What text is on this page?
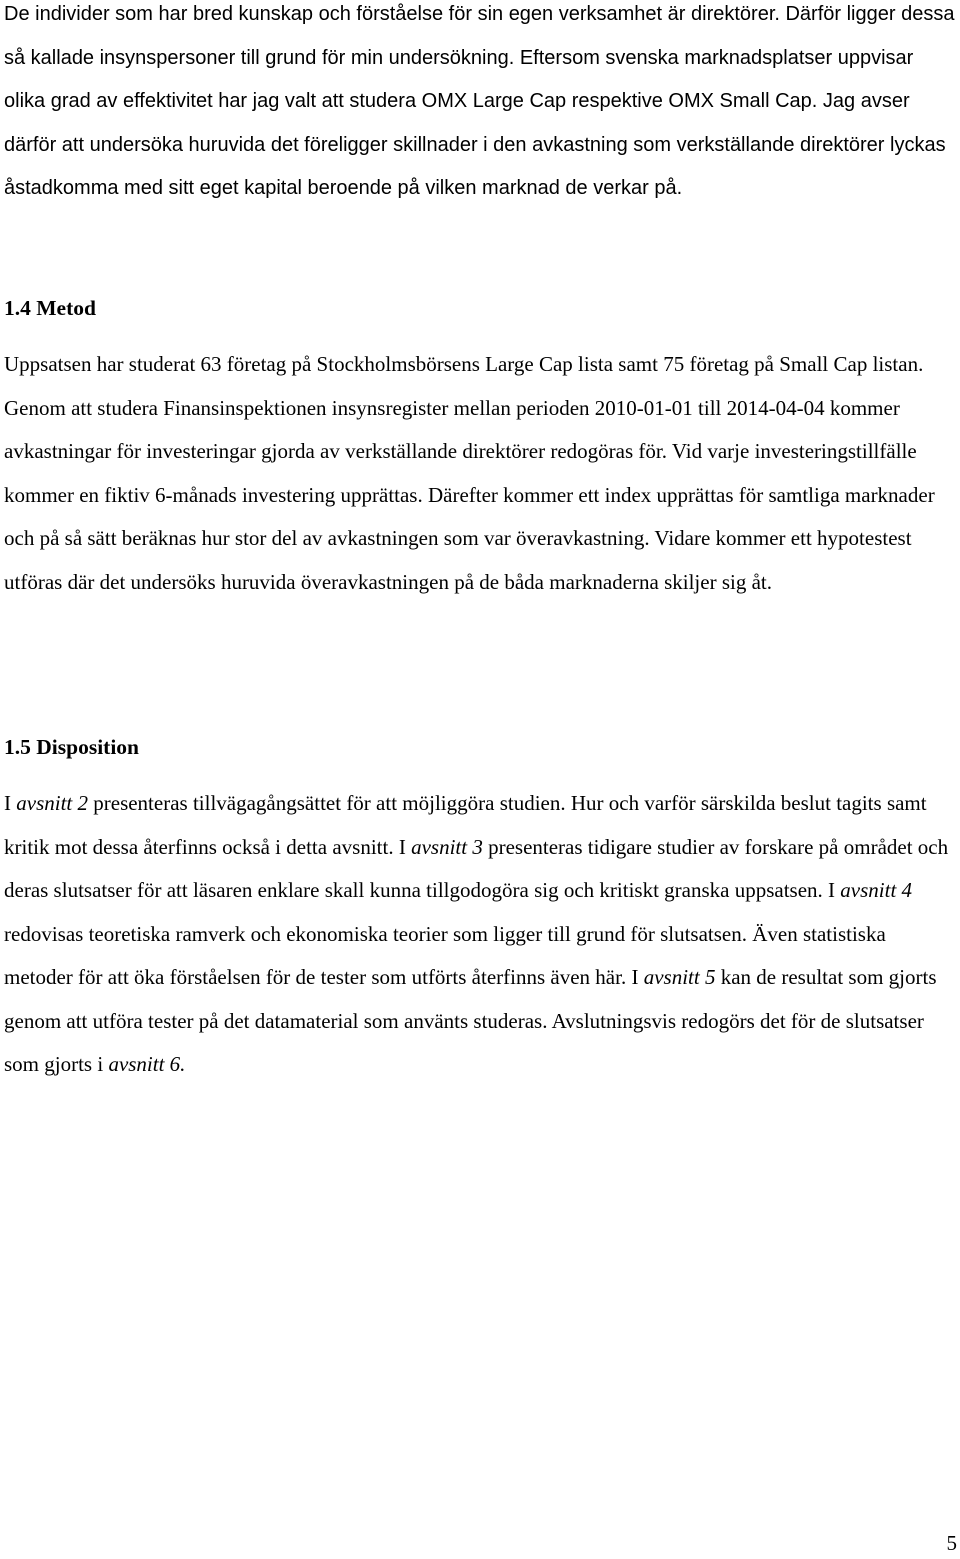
De individer som har bred kunskap och förståelse för sin egen verksamhet är direktörer. Därför ligger dessa så kallade insynspersoner till grund för min undersökning. Eftersom svenska marknadsplatser uppvisar olika grad av effektivitet har jag valt att studera OMX Large Cap respektive OMX Small Cap. Jag avser därför att undersöka huruvida det föreligger skillnader i den avkastning som verkställande direktörer lyckas åstadkomma med sitt eget kapital beroende på vilken marknad de verkar på.

1.4 Metod

Uppsatsen har studerat 63 företag på Stockholmsbörsens Large Cap lista samt 75 företag på Small Cap listan. Genom att studera Finansinspektionen insynsregister mellan perioden 2010-01-01 till 2014-04-04 kommer avkastningar för investeringar gjorda av verkställande direktörer redogöras för. Vid varje investeringstillfälle kommer en fiktiv 6-månads investering upprättas. Därefter kommer ett index upprättas för samtliga marknader och på så sätt beräknas hur stor del av avkastningen som var överavkastning. Vidare kommer ett hypotestest utföras där det undersöks huruvida överavkastningen på de båda marknaderna skiljer sig åt.

1.5 Disposition

I avsnitt 2 presenteras tillvägagångsättet för att möjliggöra studien. Hur och varför särskilda beslut tagits samt kritik mot dessa återfinns också i detta avsnitt. I avsnitt 3 presenteras tidigare studier av forskare på området och deras slutsatser för att läsaren enklare skall kunna tillgodogöra sig och kritiskt granska uppsatsen. I avsnitt 4 redovisas teoretiska ramverk och ekonomiska teorier som ligger till grund för slutsatsen. Även statistiska metoder för att öka förståelsen för de tester som utförts återfinns även här. I avsnitt 5 kan de resultat som gjorts genom att utföra tester på det datamaterial som använts studeras. Avslutningsvis redogörs det för de slutsatser som gjorts i avsnitt 6.

5
